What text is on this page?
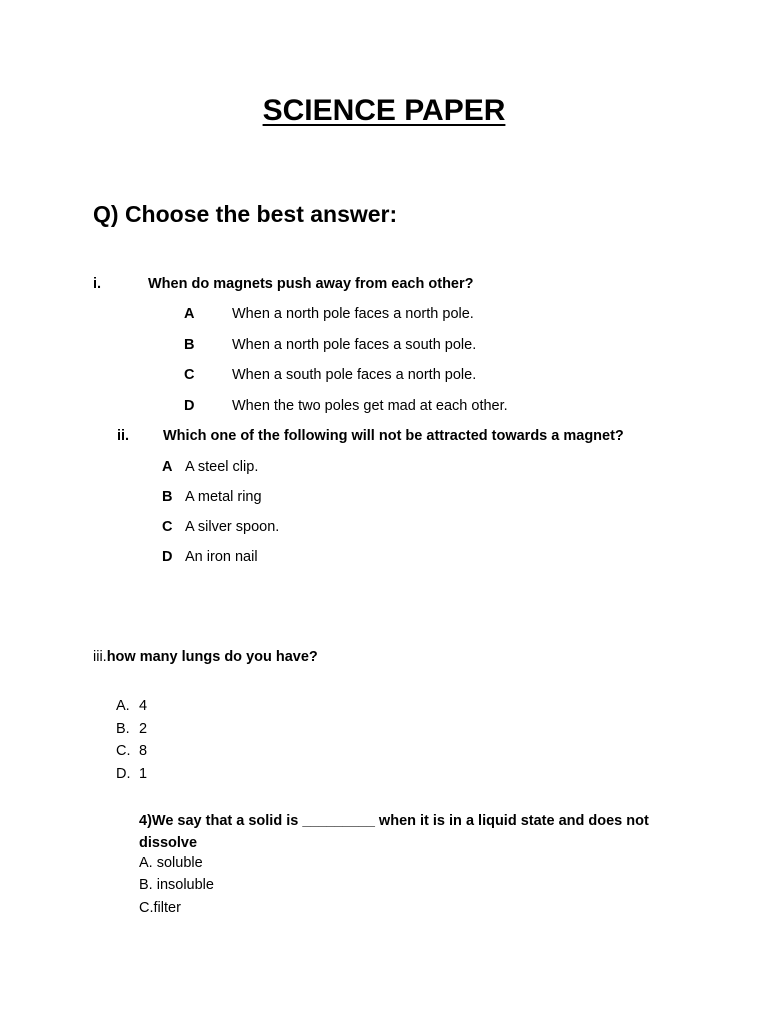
SCIENCE PAPER
Q) Choose the best answer:
i.	When do magnets push away from each other?
A	When a north pole faces a north pole.
B	When a north pole faces a south pole.
C	When a south pole faces a north pole.
D	When the two poles get mad at each other.
ii. Which one of the following will not be attracted towards a magnet?
A A steel clip.
B A metal ring
C A silver spoon.
D An iron nail
iii.how many lungs do you have?
A. 4
B. 2
C. 8
D. 1
4)We say that a solid is _________ when it is in a liquid state and does not dissolve
A. soluble
B. insoluble
C.filter
